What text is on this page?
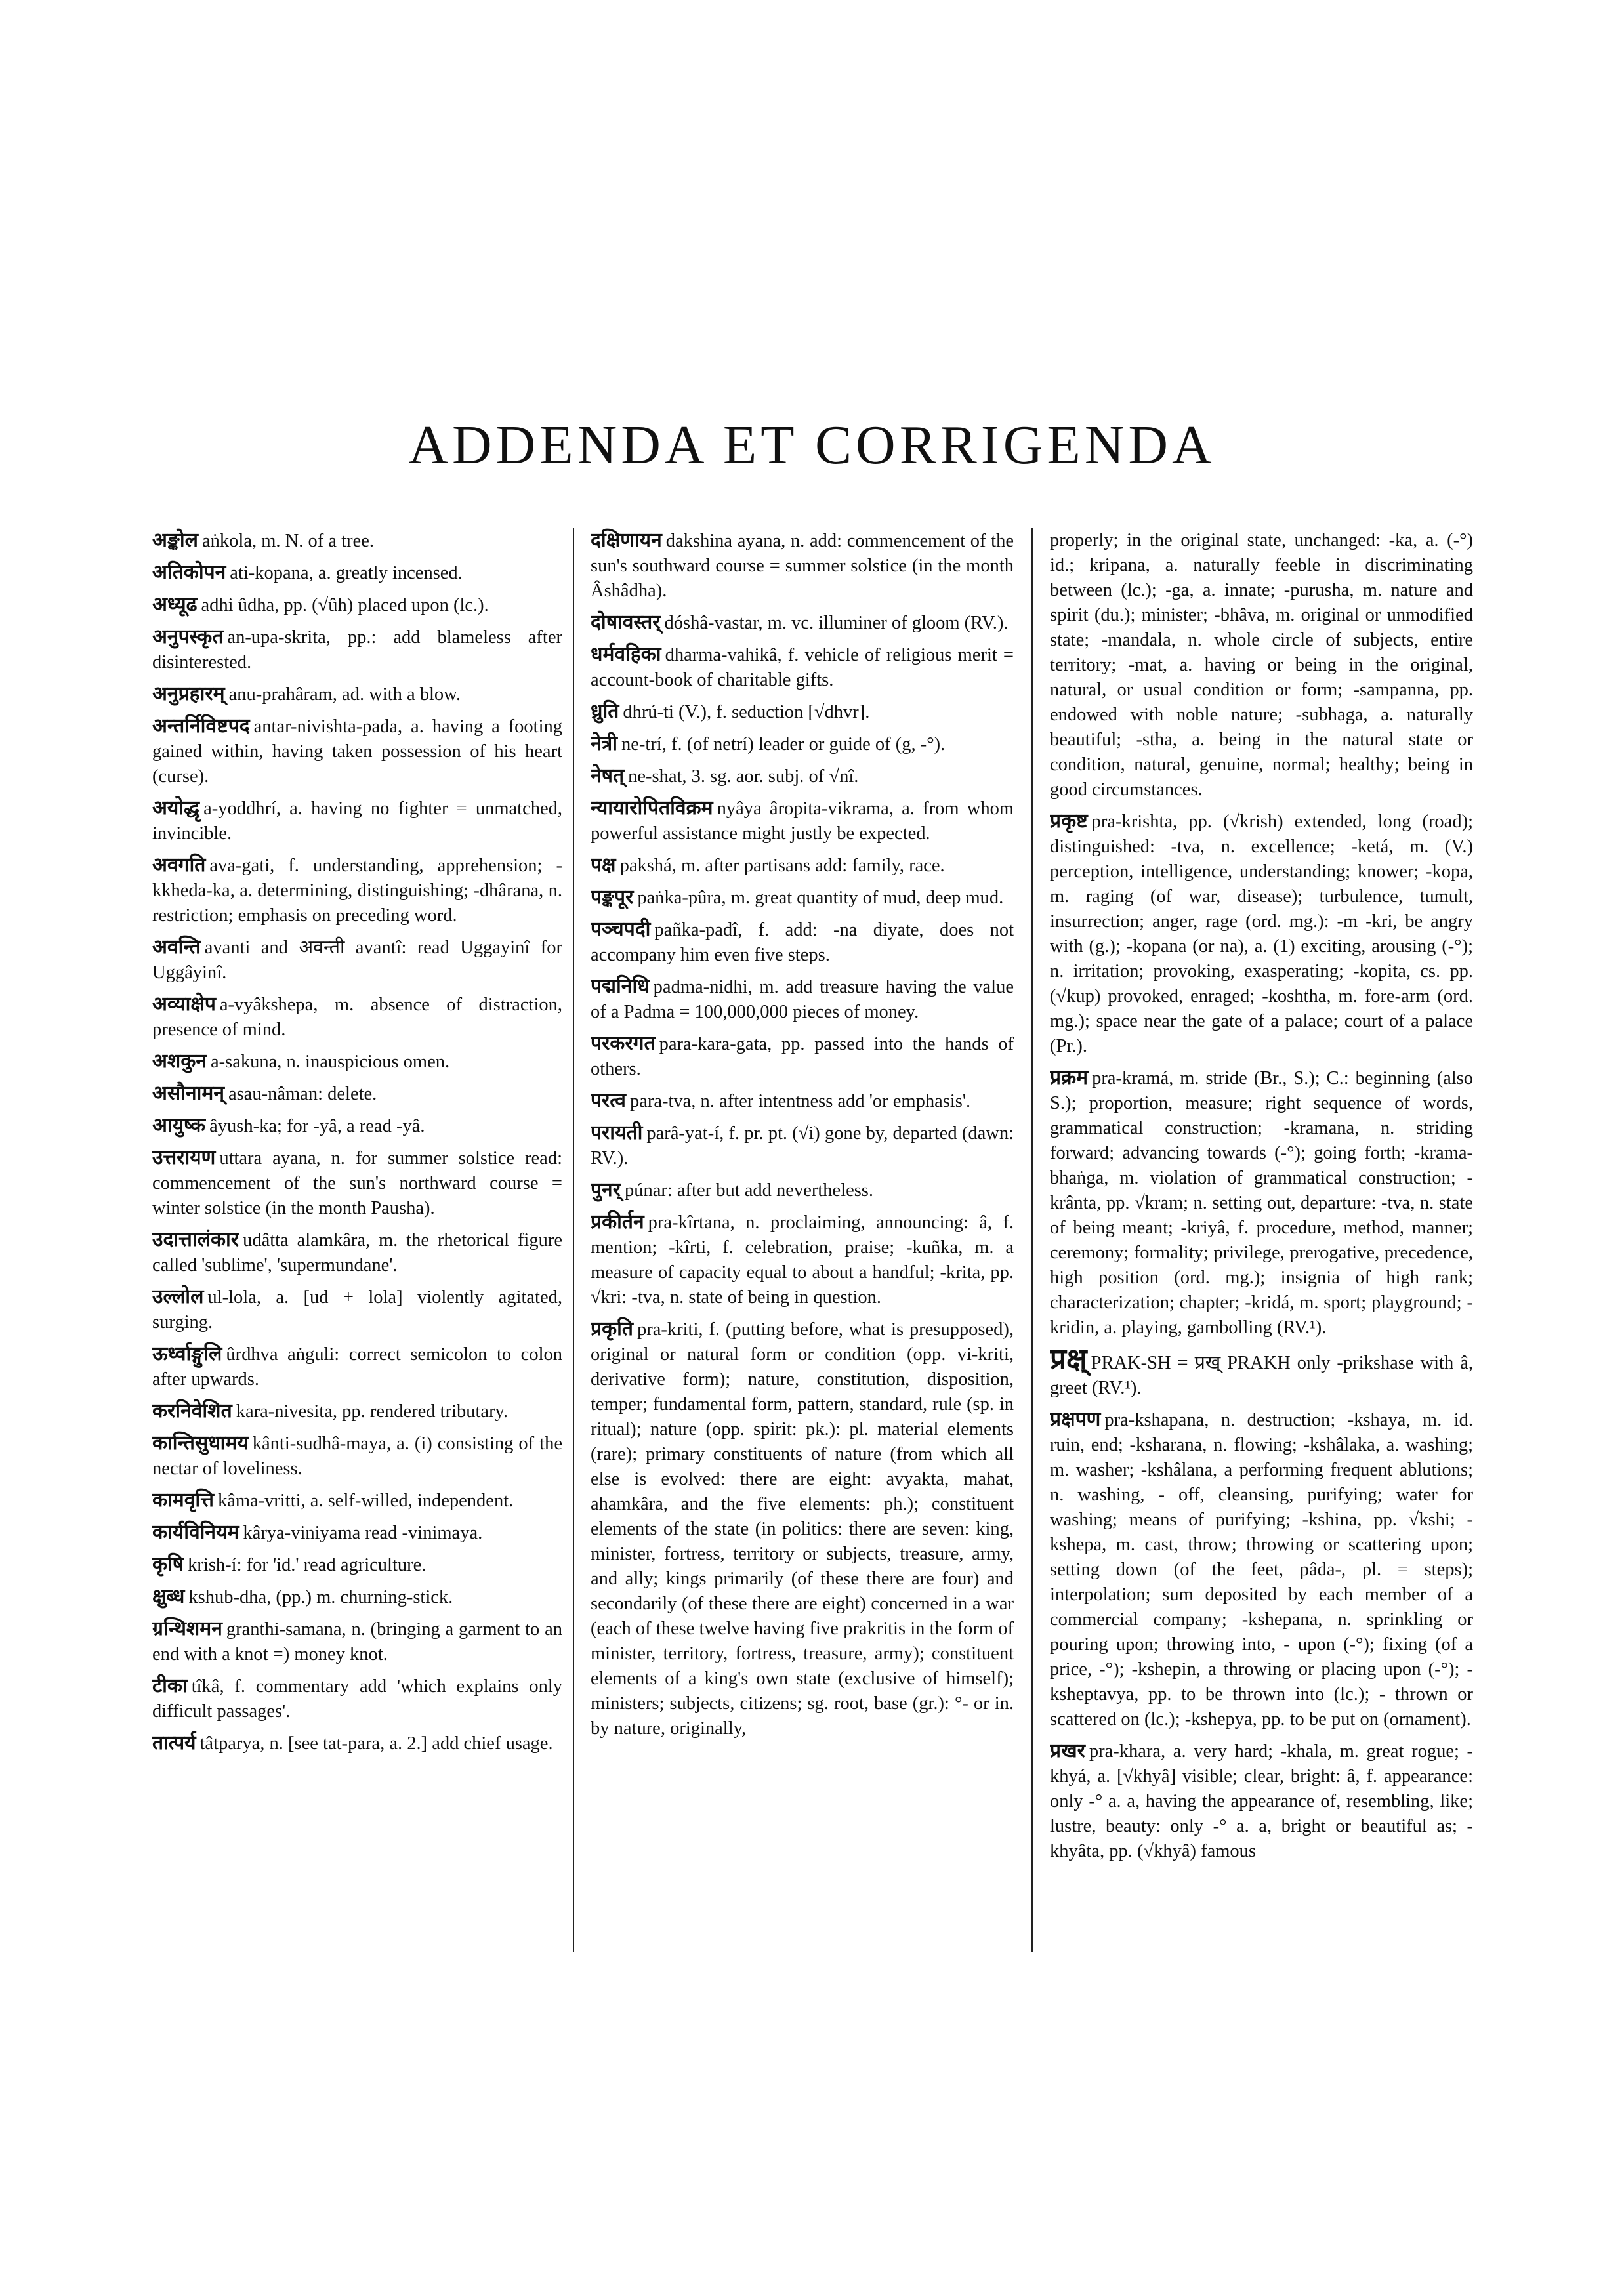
ADDENDA ET CORRIGENDA

अङ्कोल aṅkola, m. N. of a tree.

अतिकोपन ati-kopana, a. greatly incensed.

अध्यूढ adhi ûdha, pp. (√ûh) placed upon (lc.).

अनुपस्कृत an-upa-skrita, pp.: add blameless after disinterested.

अनुप्रहारम् anu-prahâram, ad. with a blow.

अन्तर्निविष्टपद antar-nivishta-pada, a. having a footing gained within, having taken possession of his heart (curse).

अयोद्धृ a-yoddhrí, a. having no fighter = unmatched, invincible.

अवगति ava-gati, f. understanding, apprehension; -kkheda-ka, a. determining, distinguishing; -dhârana, n. restriction; emphasis on preceding word.

अवन्ति avanti and अवन्ती avantî: read Uggayinî for Uggâyinî.

अव्याक्षेप a-vyâkshepa, m. absence of distraction, presence of mind.

अशकुन a-sakuna, n. inauspicious omen.

असौनामन् asau-nâman: delete.

आयुष्क âyush-ka; for -yâ, a read -yâ.

उत्तरायण uttara ayana, n. for summer solstice read: commencement of the sun's northward course = winter solstice (in the month Pausha).

उदात्तालंकार udâtta alamkâra, m. the rhetorical figure called 'sublime', 'supermundane'.

उल्लोल ul-lola, a. [ud + lola] violently agitated, surging.

ऊर्ध्वाङ्गुलि ûrdhva aṅguli: correct semicolon to colon after upwards.

करनिवेशित kara-nivesita, pp. rendered tributary.

कान्तिसुधामय kânti-sudhâ-maya, a. (i) consisting of the nectar of loveliness.

कामवृत्ति kâma-vritti, a. self-willed, independent.

कार्यविनियम kârya-viniyama read -vinimaya.

कृषि krish-í: for 'id.' read agriculture.

क्षुब्ध kshub-dha, (pp.) m. churning-stick.

ग्रन्थिशमन granthi-samana, n. (bringing a garment to an end with a knot =) money knot.

टीका tîkâ, f. commentary add 'which explains only difficult passages'.

तात्पर्य tâtparya, n. [see tat-para, a. 2.] add chief usage.

दक्षिणायन dakshina ayana, n. add: commencement of the sun's southward course = summer solstice (in the month Âshâdha).

दोषावस्तर् dóshâ-vastar, m. vc. illuminer of gloom (RV.).

धर्मवहिका dharma-vahikâ, f. vehicle of religious merit = account-book of charitable gifts.

ध्रुति dhrú-ti (V.), f. seduction [√dhvr].

नेत्री ne-trí, f. (of netrí) leader or guide of (g, -°).

नेषत् ne-shat, 3. sg. aor. subj. of √nî.

न्यायारोपितविक्रम nyâya âropita-vikrama, a. from whom powerful assistance might justly be expected.

पक्ष pakshá, m. after partisans add: family, race.

पङ्कपूर paṅka-pûra, m. great quantity of mud, deep mud.

पञ्चपदी pañka-padî, f. add: -na diyate, does not accompany him even five steps.

पद्मनिधि padma-nidhi, m. add treasure having the value of a Padma = 100,000,000 pieces of money.

परकरगत para-kara-gata, pp. passed into the hands of others.

परत्व para-tva, n. after intentness add 'or emphasis'.

परायती parâ-yat-í, f. pr. pt. (√i) gone by, departed (dawn: RV.).

पुनर् púnar: after but add nevertheless.

प्रकीर्तन pra-kîrtana, n. proclaiming, announcing: â, f. mention; -kîrti, f. celebration, praise; -kuñka, m. a measure of capacity equal to about a handful; -krita, pp. √kri: -tva, n. state of being in question.

प्रकृति pra-kriti, f. (putting before, what is presupposed), original or natural form or condition (opp. vi-kriti, derivative form); nature, constitution, disposition, temper; fundamental form, pattern, standard, rule (sp. in ritual); nature (opp. spirit: pk.): pl. material elements (rare); primary constituents of nature (from which all else is evolved: there are eight: avyakta, mahat, ahamkâra, and the five elements: ph.); constituent elements of the state (in politics: there are seven: king, minister, fortress, territory or subjects, treasure, army, and ally; kings primarily (of these there are four) and secondarily (of these there are eight) concerned in a war (each of these twelve having five prakritis in the form of minister, territory, fortress, treasure, army); constituent elements of a king's own state (exclusive of himself); ministers; subjects, citizens; sg. root, base (gr.): °- or in. by nature, originally,

properly; in the original state, unchanged: -ka, a. (-°) id.; kripana, a. naturally feeble in discriminating between (lc.); -ga, a. innate; -purusha, m. nature and spirit (du.); minister; -bhâva, m. original or unmodified state; -mandala, n. whole circle of subjects, entire territory; -mat, a. having or being in the original, natural, or usual condition or form; -sampanna, pp. endowed with noble nature; -subhaga, a. naturally beautiful; -stha, a. being in the natural state or condition, natural, genuine, normal; healthy; being in good circumstances.

प्रकृष्ट pra-krishta, pp. (√krish) extended, long (road); distinguished: -tva, n. excellence; -ketá, m. (V.) perception, intelligence, understanding; knower; -kopa, m. raging (of war, disease); turbulence, tumult, insurrection; anger, rage (ord. mg.): -m -kri, be angry with (g.); -kopana (or na), a. (1) exciting, arousing (-°); n. irritation; provoking, exasperating; -kopita, cs. pp. (√kup) provoked, enraged; -koshtha, m. fore-arm (ord. mg.); space near the gate of a palace; court of a palace (Pr.).

प्रक्रम pra-kramá, m. stride (Br., S.); C.: beginning (also S.); proportion, measure; right sequence of words, grammatical construction; -kramana, n. striding forward; advancing towards (-°); going forth; -krama-bhaṅga, m. violation of grammatical construction; -krânta, pp. √kram; n. setting out, departure: -tva, n. state of being meant; -kriyâ, f. procedure, method, manner; ceremony; formality; privilege, prerogative, precedence, high position (ord. mg.); insignia of high rank; characterization; chapter; -kridá, m. sport; playground; -kridin, a. playing, gambolling (RV.¹).

प्रक्ष् PRAK-SH = प्रख् PRAKH only -prikshase with â, greet (RV.¹).

प्रक्षपण pra-kshapana, n. destruction; -kshaya, m. id. ruin, end; -ksharana, n. flowing; -kshâlaka, a. washing; m. washer; -kshâlana, a performing frequent ablutions; n. washing, - off, cleansing, purifying; water for washing; means of purifying; -kshina, pp. √kshi; -kshepa, m. cast, throw; throwing or scattering upon; setting down (of the feet, pâda-, pl. = steps); interpolation; sum deposited by each member of a commercial company; -kshepana, n. sprinkling or pouring upon; throwing into, - upon (-°); fixing (of a price, -°); -kshepin, a throwing or placing upon (-°); -ksheptavya, pp. to be thrown into (lc.); - thrown or scattered on (lc.); -kshepya, pp. to be put on (ornament).

प्रखर pra-khara, a. very hard; -khala, m. great rogue; -khyá, a. [√khyâ] visible; clear, bright: â, f. appearance: only -° a. a, having the appearance of, resembling, like; lustre, beauty: only -° a. a, bright or beautiful as; -khyâta, pp. (√khyâ) famous
